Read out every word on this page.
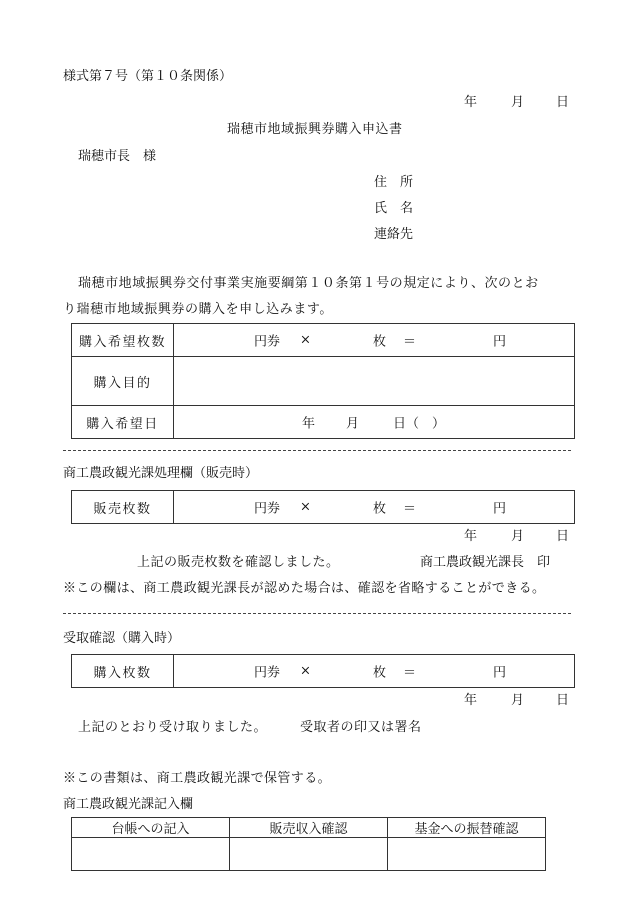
様式第７号（第１０条関係）
年	月 日
瑞穂市地域振興券購入申込書
瑞穂市長　様
住　所
氏　名
連絡先
瑞穂市地域振興券交付事業実施要綱第１０条第１号の規定により、次のとお
り瑞穂市地域振興券の購入を申し込みます。
購入希望枚数	円券 × 枚 ＝ 円

購入目的	
購入希望日	年 月 日（　）
商工農政観光課処理欄（販売時）
販売枚数	円券 ×	枚 ＝	円
年	月 日
上記の販売枚数を確認しました。	商工農政観光課長　印
※この欄は、商工農政観光課長が認めた場合は、確認を省略することができる。
受取確認（購入時）
購入枚数	円券 ×	枚 ＝	円
年	月 日
上記のとおり受け取りました。	受取者の印又は署名
※この書類は、商工農政観光課で保管する。
商工農政観光課記入欄
台帳への記入	販売収入確認	基金への振替確認
